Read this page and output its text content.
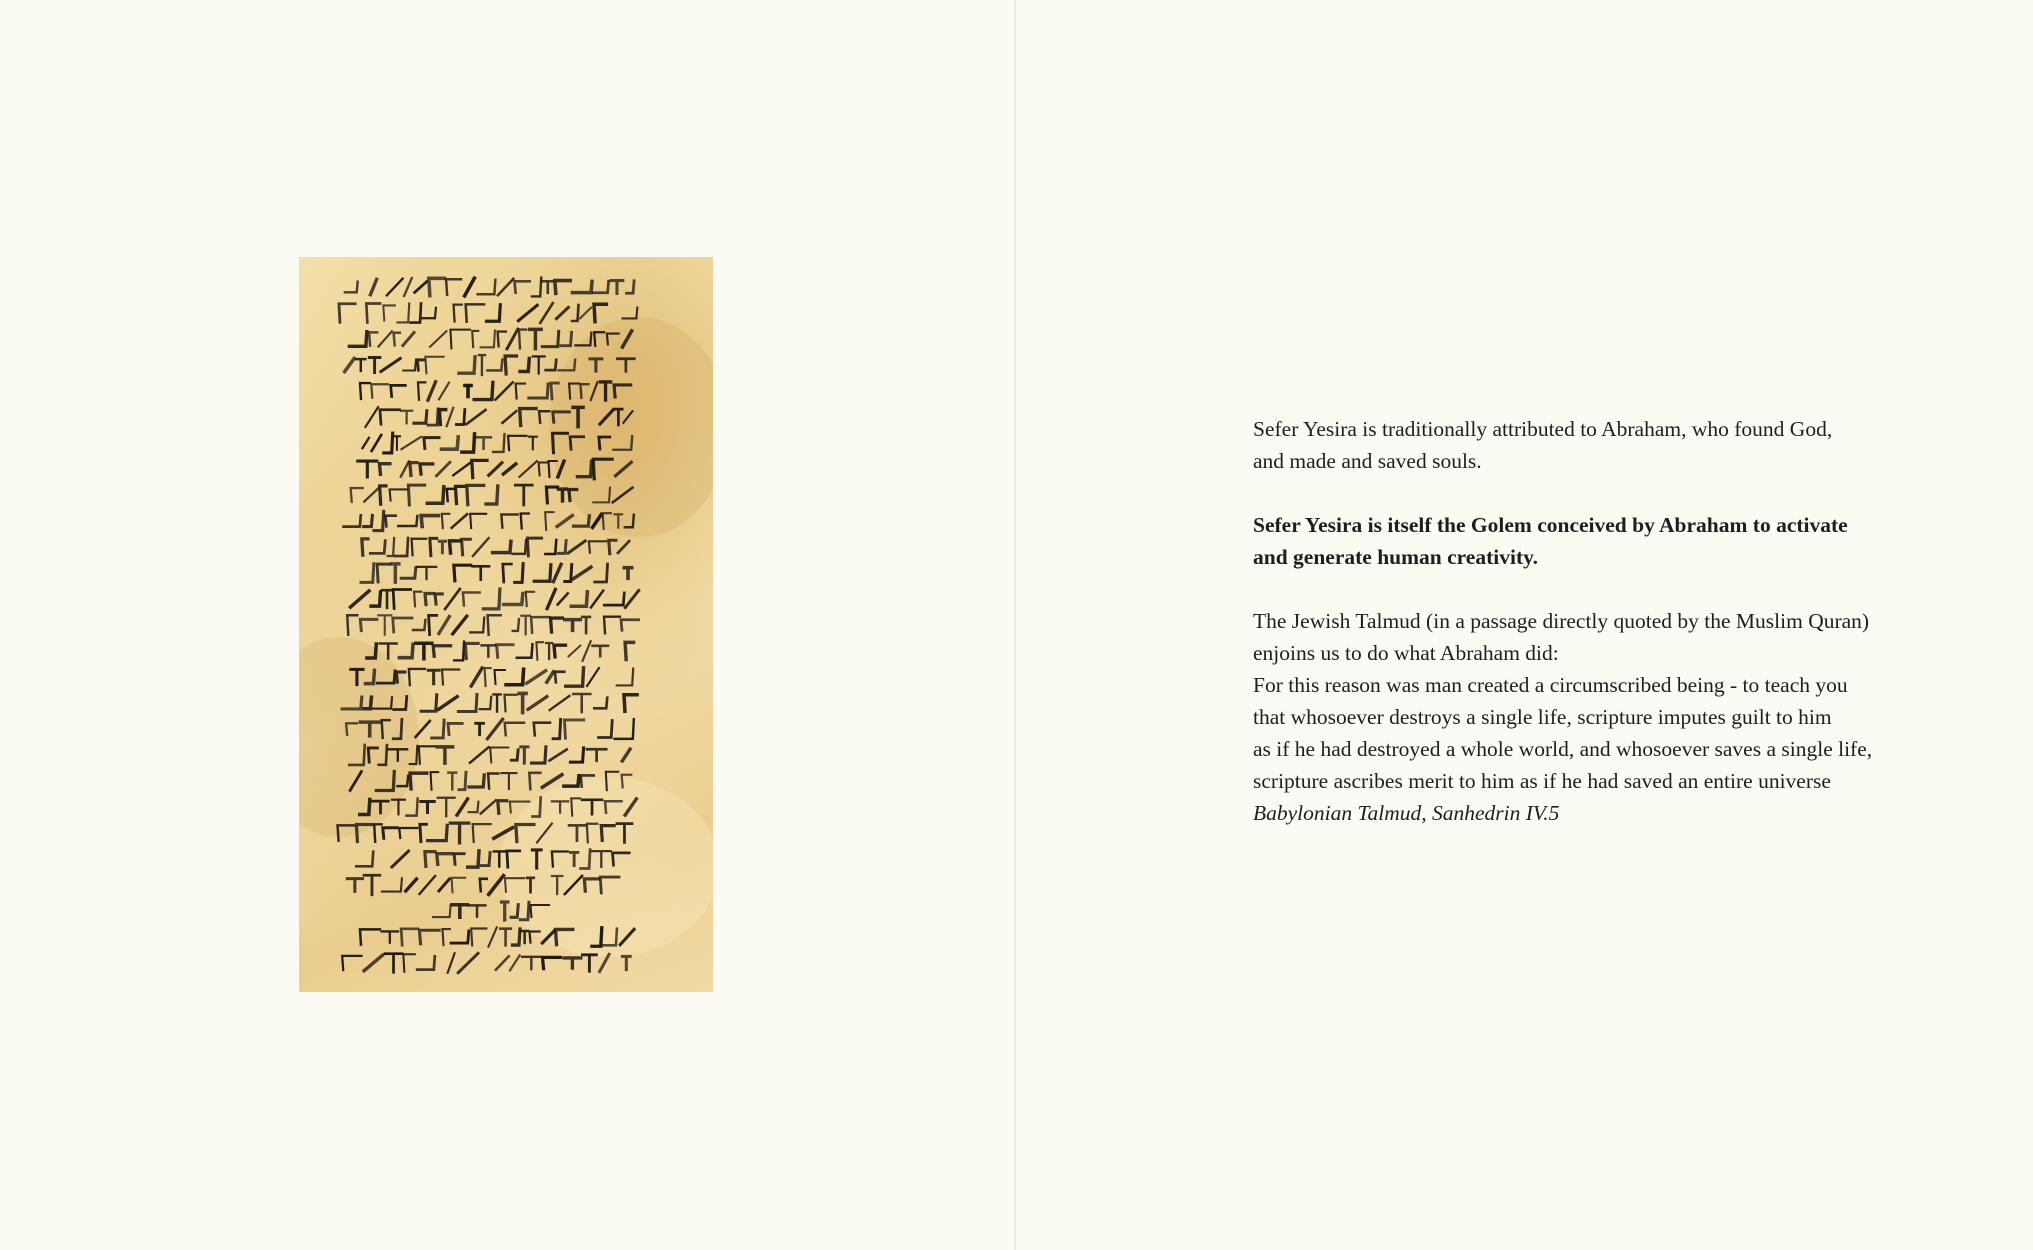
Sefer Yesira is traditionally attributed to Abraham, who found God,
and made and saved souls.

Sefer Yesira is itself the Golem conceived by Abraham to activate
and generate human creativity.

The Jewish Talmud (in a passage directly quoted by the Muslim Quran)
enjoins us to do what Abraham did:
For this reason was man created a circumscribed being - to teach you
that whosoever destroys a single life, scripture imputes guilt to him
as if he had destroyed a whole world, and whosoever saves a single life,
scripture ascribes merit to him as if he had saved an entire universe
Babylonian Talmud, Sanhedrin IV.5
